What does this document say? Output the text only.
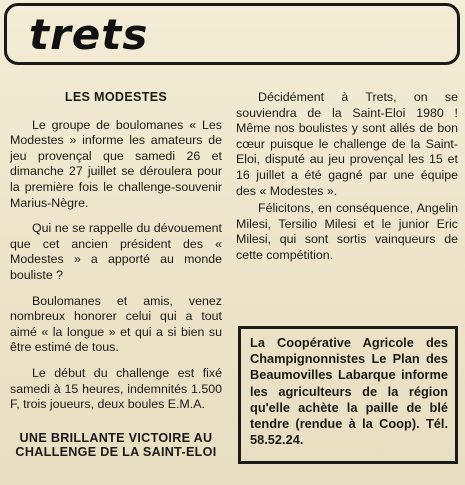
trets
LES MODESTES

Le groupe de boulomanes « Les Modestes » informe les amateurs de jeu provençal que samedi 26 et dimanche 27 juillet se déroulera pour la première fois le challenge-souvenir Marius-Nègre.

Qui ne se rappelle du dévouement que cet ancien président des « Modestes » a apporté au monde bouliste ?

Boulomanes et amis, venez nombreux honorer celui qui a tout aimé « la longue » et qui a si bien su être estimé de tous.

Le début du challenge est fixé samedi à 15 heures, indemnités 1.500 F, trois joueurs, deux boules E.M.A.

UNE BRILLANTE VICTOIRE AU CHALLENGE DE LA SAINT-ELOI

Décidément à Trets, on se souviendra de la Saint-Eloi 1980 ! Même nos boulistes y sont allés de bon cœur puisque le challenge de la Saint-Eloi, disputé au jeu provençal les 15 et 16 juillet a été gagné par une équipe des « Modestes ».

Félicitons, en conséquence, Angelin Milesi, Tersilio Milesi et le junior Eric Milesi, qui sont sortis vainqueurs de cette compétition.

La Coopérative Agricole des Champignonnistes Le Plan des Beaumovilles Labarque informe les agriculteurs de la région qu'elle achète la paille de blé tendre (rendue à la Coop). Tél. 58.52.24.
